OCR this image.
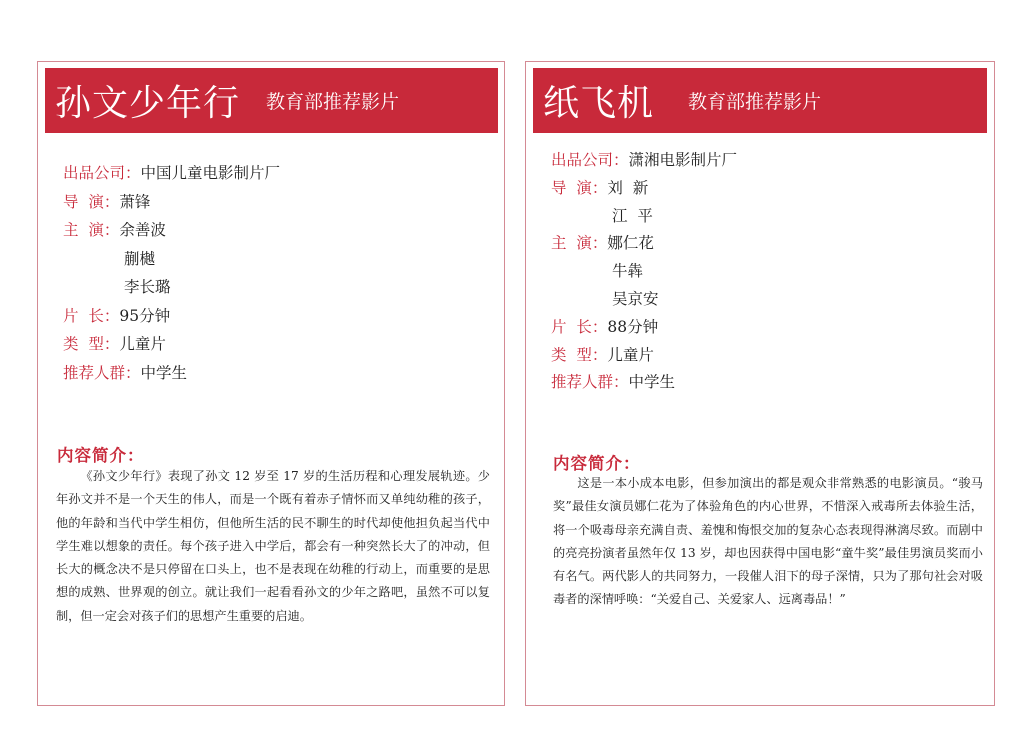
孙文少年行 教育部推荐影片
出品公司：中国儿童电影制片厂
导  演：萧锋
主  演：余善波
蒯樾
李长璐
片  长：95分钟
类  型：儿童片
推荐人群：中学生
内容简介：

《孙文少年行》表现了孙文 12 岁至 17 岁的生活历程和心理发展轨迹。少年孙文并不是一个天生的伟人，而是一个既有着赤子情怀而又单纯幼稚的孩子，他的年龄和当代中学生相仿，但他所生活的民不聊生的时代却使他担负起当代中学生难以想象的责任。每个孩子进入中学后，都会有一种突然长大了的冲动，但长大的概念决不是只停留在口头上，也不是表现在幼稚的行动上，而重要的是思想的成熟、世界观的创立。就让我们一起看看孙文的少年之路吧，虽然不可以复制，但一定会对孩子们的思想产生重要的启迪。

纸飞机 教育部推荐影片
出品公司：潇湘电影制片厂
导  演：刘  新
江  平
主  演：娜仁花
牛犇
吴京安
片  长：88分钟
类  型：儿童片
推荐人群：中学生
内容简介：

这是一本小成本电影，但参加演出的都是观众非常熟悉的电影演员。“骏马奖”最佳女演员娜仁花为了体验角色的内心世界，不惜深入戒毒所去体验生活，将一个吸毒母亲充满自责、羞愧和悔恨交加的复杂心态表现得淋漓尽致。而剧中的亮亮扮演者虽然年仅 13 岁，却也因获得中国电影“童牛奖”最佳男演员奖而小有名气。两代影人的共同努力，一段催人泪下的母子深情，只为了那句社会对吸毒者的深情呼唤：“关爱自己、关爱家人、远离毒品！”
